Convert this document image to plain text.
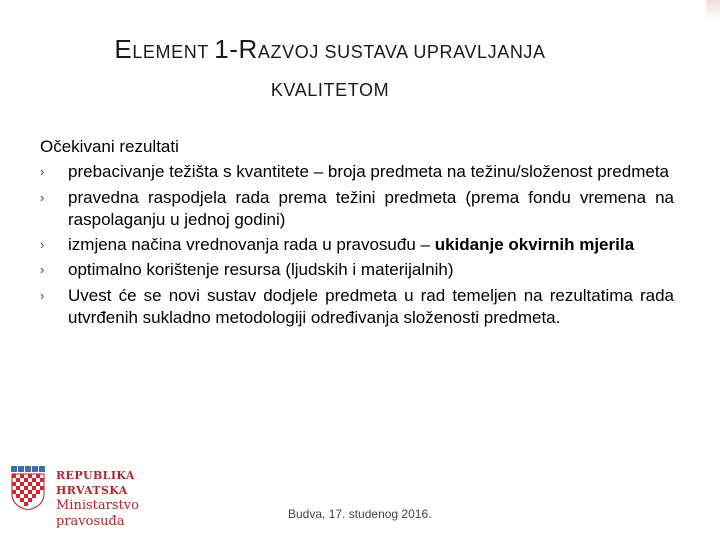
ELEMENT 1-RAZVOJ SUSTAVA UPRAVLJANJA
KVALITETOM

Očekivani rezultati

› prebacivanje težišta s kvantitete – broja predmeta na težinu/složenost predmeta
› pravedna raspodjela rada prema težini predmeta (prema fondu vremena na raspolaganju u jednoj godini)
› izmjena načina vrednovanja rada u pravosuđu – ukidanje okvirnih mjerila
› optimalno korištenje resursa (ljudskih i materijalnih)
› Uvest će se novi sustav dodjele predmeta u rad temeljen na rezultatima rada utvrđenih sukladno metodologiji određivanja složenosti predmeta.
REPUBLIKA HRVATSKA
Ministarstvo
pravosuđa	Budva, 17. studenog 2016.
